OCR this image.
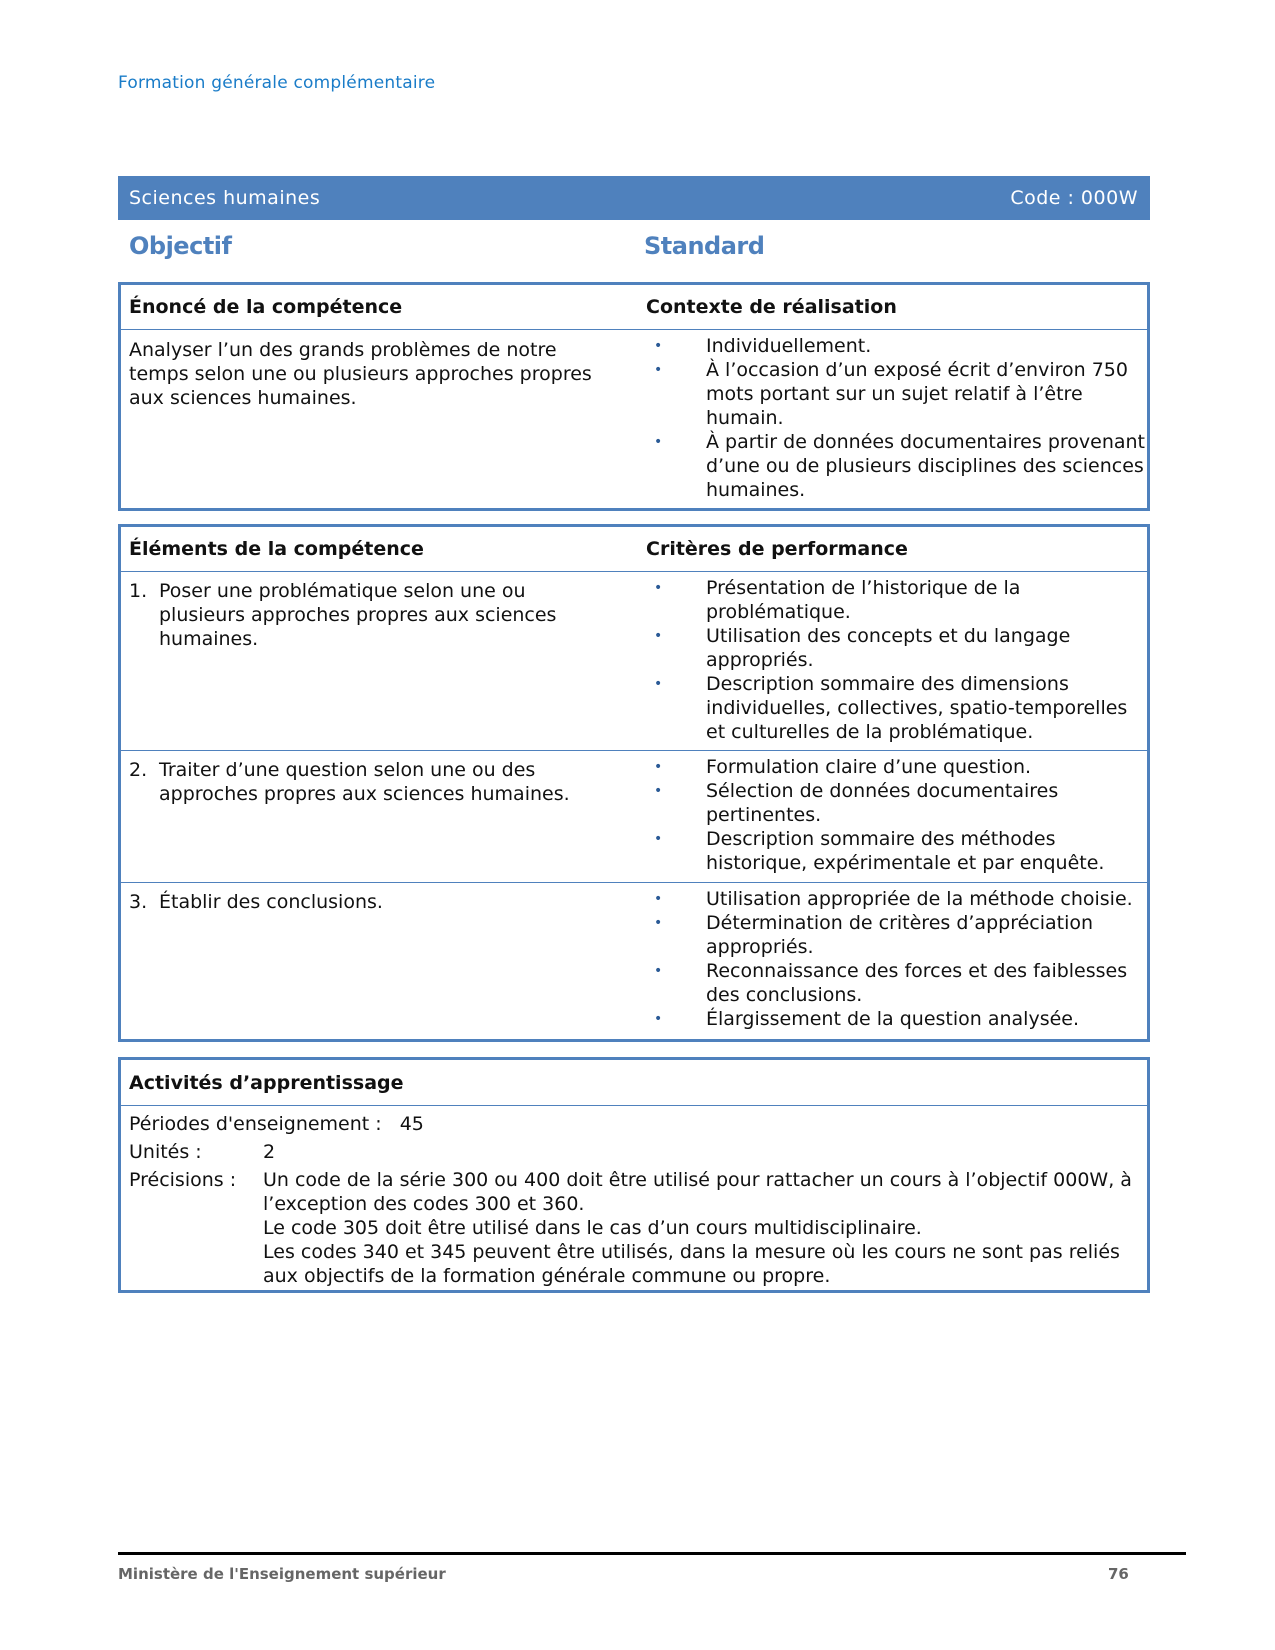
Formation générale complémentaire
Sciences humaines	Code : 000W
Objectif	Standard
Énoncé de la compétence	Contexte de réalisation
Analyser l’un des grands problèmes de notre temps selon une ou plusieurs approches propres aux sciences humaines.
•	Individuellement.
•	À l’occasion d’un exposé écrit d’environ 750 mots portant sur un sujet relatif à l’être humain.
•	À partir de données documentaires provenant d’une ou de plusieurs disciplines des sciences humaines.
Éléments de la compétence	Critères de performance
1. Poser une problématique selon une ou plusieurs approches propres aux sciences humaines.
•	Présentation de l’historique de la problématique.
•	Utilisation des concepts et du langage appropriés.
•	Description sommaire des dimensions individuelles, collectives, spatio-temporelles et culturelles de la problématique.
2. Traiter d’une question selon une ou des approches propres aux sciences humaines.
•	Formulation claire d’une question.
•	Sélection de données documentaires pertinentes.
•	Description sommaire des méthodes historique, expérimentale et par enquête.
3. Établir des conclusions.	•	Utilisation appropriée de la méthode choisie.
•	Détermination de critères d’appréciation appropriés.
•	Reconnaissance des forces et des faiblesses des conclusions.
•	Élargissement de la question analysée.
Activités d’apprentissage
Périodes d'enseignement : 45
Unités :	2
Précisions :	Un code de la série 300 ou 400 doit être utilisé pour rattacher un cours à l’objectif 000W, à l’exception des codes 300 et 360.
Le code 305 doit être utilisé dans le cas d’un cours multidisciplinaire.
Les codes 340 et 345 peuvent être utilisés, dans la mesure où les cours ne sont pas reliés aux objectifs de la formation générale commune ou propre.
Ministère de l'Enseignement supérieur	76
